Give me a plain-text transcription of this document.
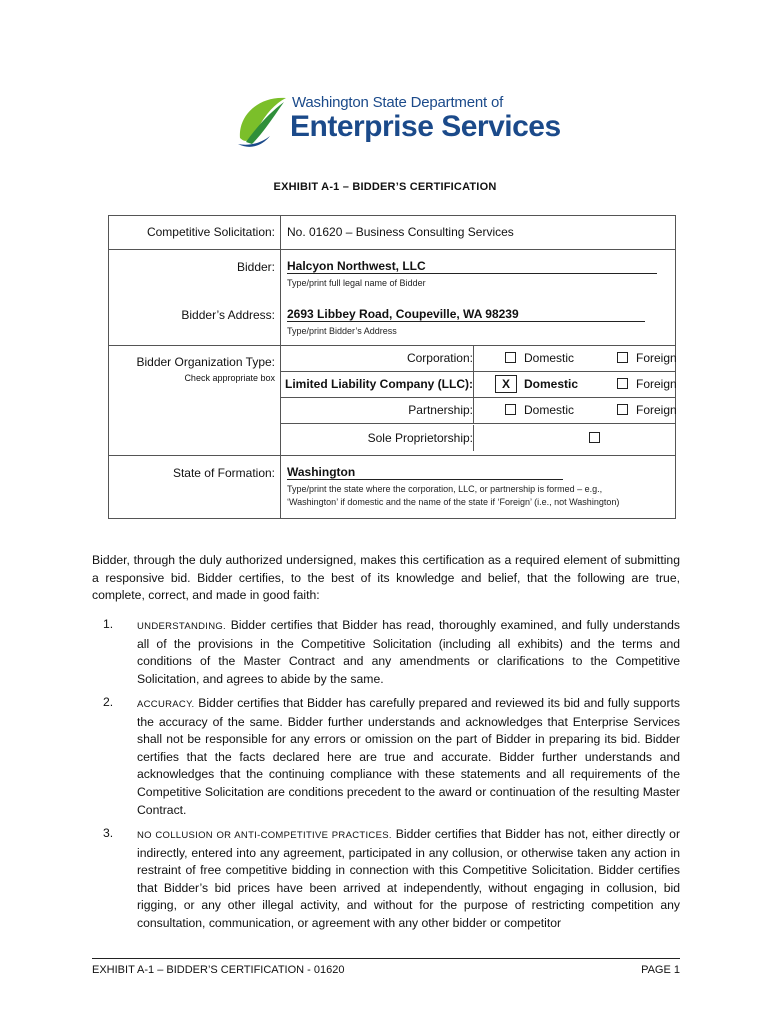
Washington State Department of
Enterprise Services
EXHIBIT A-1 – BIDDER’S CERTIFICATION
Competitive Solicitation: No. 01620 – Business Consulting Services
Bidder: Halcyon Northwest, LLC
Type/print full legal name of Bidder
Bidder’s Address: 2693 Libbey Road, Coupeville, WA 98239
Type/print Bidder’s Address
Bidder Organization Type:
Check appropriate box
Corporation:	Domestic	Foreign
Limited Liability Company (LLC):	X	Domestic	Foreign
Partnership:	Domestic	Foreign
Sole Proprietorship:
State of Formation: Washington
Type/print the state where the corporation, LLC, or partnership is formed – e.g.,
‘Washington’ if domestic and the name of the state if ‘Foreign’ (i.e., not Washington)
Bidder, through the duly authorized undersigned, makes this certification as a required element of submitting a responsive bid. Bidder certifies, to the best of its knowledge and belief, that the following are true, complete, correct, and made in good faith:
1.	UNDERSTANDING. Bidder certifies that Bidder has read, thoroughly examined, and fully understands all of the provisions in the Competitive Solicitation (including all exhibits) and the terms and conditions of the Master Contract and any amendments or clarifications to the Competitive Solicitation, and agrees to abide by the same.
2.	ACCURACY. Bidder certifies that Bidder has carefully prepared and reviewed its bid and fully supports the accuracy of the same. Bidder further understands and acknowledges that Enterprise Services shall not be responsible for any errors or omission on the part of Bidder in preparing its bid. Bidder certifies that the facts declared here are true and accurate. Bidder further understands and acknowledges that the continuing compliance with these statements and all requirements of the Competitive Solicitation are conditions precedent to the award or continuation of the resulting Master Contract.
3.	NO COLLUSION OR ANTI-COMPETITIVE PRACTICES. Bidder certifies that Bidder has not, either directly or indirectly, entered into any agreement, participated in any collusion, or otherwise taken any action in restraint of free competitive bidding in connection with this Competitive Solicitation. Bidder certifies that Bidder’s bid prices have been arrived at independently, without engaging in collusion, bid rigging, or any other illegal activity, and without for the purpose of restricting competition any consultation, communication, or agreement with any other bidder or competitor
EXHIBIT A-1 – BIDDER’S CERTIFICATION - 01620	PAGE 1
